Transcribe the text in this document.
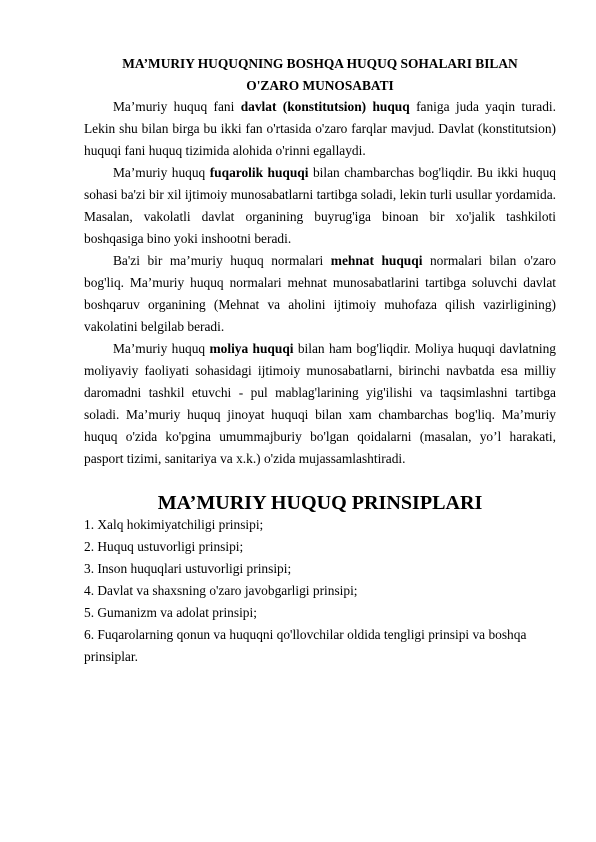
MA’MURIY HUQUQNING BOSHQA HUQUQ SOHALARI BILAN
O'ZARO MUNOSABATI

Ma’muriy huquq fani davlat (konstitutsion) huquq faniga juda yaqin turadi. Lekin shu bilan birga bu ikki fan o'rtasida o'zaro farqlar mavjud. Davlat (konstitutsion) huquqi fani huquq tizimida alohida o'rinni egallaydi.

Ma’muriy huquq fuqarolik huquqi bilan chambarchas bog'liqdir. Bu ikki huquq sohasi ba'zi bir xil ijtimoiy munosabatlarni tartibga soladi, lekin turli usullar yordamida. Masalan, vakolatli davlat organining buyrug'iga binoan bir xo'jalik tashkiloti boshqasiga bino yoki inshootni beradi.

Ba'zi bir ma’muriy huquq normalari mehnat huquqi normalari bilan o'zaro bog'liq. Ma’muriy huquq normalari mehnat munosabatlarini tartibga soluvchi davlat boshqaruv organining (Mehnat va aholini ijtimoiy muhofaza qilish vazirligining) vakolatini belgilab beradi.

Ma’muriy huquq moliya huquqi bilan ham bog'liqdir. Moliya huquqi davlatning moliyaviy faoliyati sohasidagi ijtimoiy munosabatlarni, birinchi navbatda esa milliy daromadni tashkil etuvchi - pul mablag'larining yig'ilishi va taqsimlashni tartibga soladi. Ma’muriy huquq jinoyat huquqi bilan xam chambarchas bog'liq. Ma’muriy huquq o'zida ko'pgina umummajburiy bo'lgan qoidalarni (masalan, yo’l harakati, pasport tizimi, sanitariya va x.k.) o'zida mujassamlashtiradi.

MA’MURIY HUQUQ PRINSIPLARI
1. Xalq hokimiyatchiligi prinsipi;
2. Huquq ustuvorligi prinsipi;
3. Inson huquqlari ustuvorligi prinsipi;
4. Davlat va shaxsning o'zaro javobgarligi prinsipi;
5. Gumanizm va adolat prinsipi;
6. Fuqarolarning qonun va huquqni qo'llovchilar oldida tengligi prinsipi va boshqa prinsiplar.
